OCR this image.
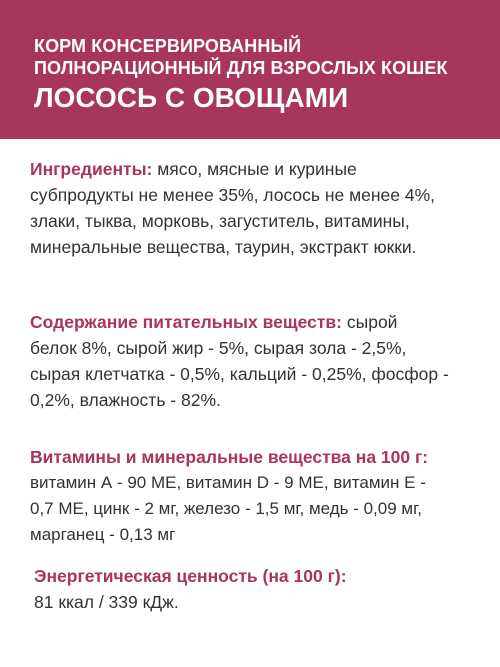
КОРМ КОНСЕРВИРОВАННЫЙ
ПОЛНОРАЦИОННЫЙ ДЛЯ ВЗРОСЛЫХ КОШЕК
ЛОСОСЬ С ОВОЩАМИ
Ингредиенты: мясо, мясные и куриные
субпродукты не менее 35%, лосось не менее 4%,
злаки, тыква, морковь, загуститель, витамины,
минеральные вещества, таурин, экстракт юкки.
Содержание питательных веществ: сырой
белок 8%, сырой жир - 5%, сырая зола - 2,5%,
сырая клетчатка - 0,5%, кальций - 0,25%, фосфор -
0,2%, влажность - 82%.
Витамины и минеральные вещества на 100 г:
витамин А - 90 МЕ, витамин D - 9 МЕ, витамин Е -
0,7 МЕ, цинк - 2 мг, железо - 1,5 мг, медь - 0,09 мг,
марганец - 0,13 мг
Энергетическая ценность (на 100 г):
81 ккал / 339 кДж.
